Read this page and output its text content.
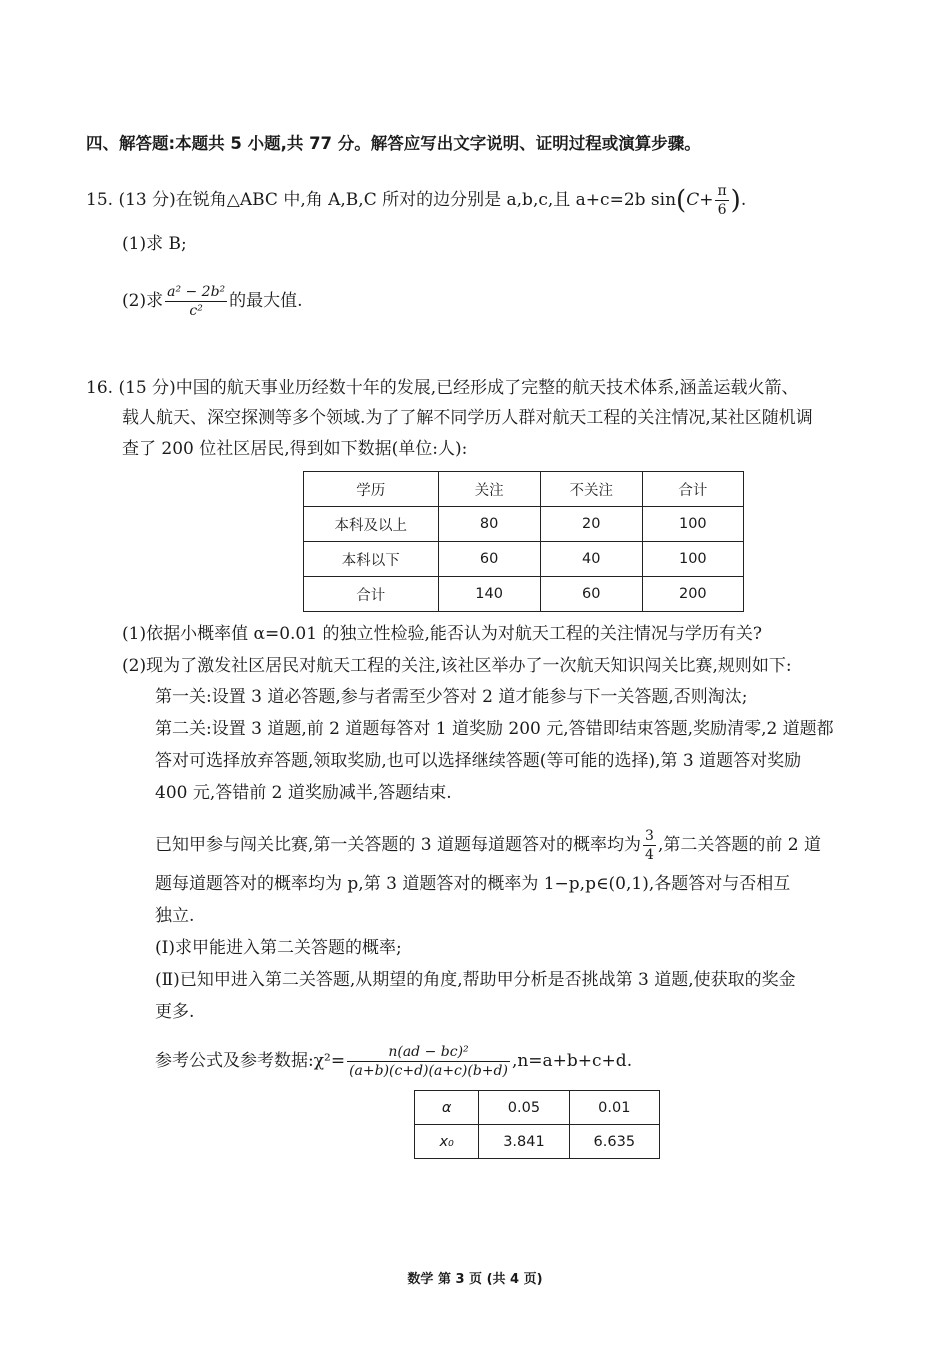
四、解答题:本题共 5 小题,共 77 分。解答应写出文字说明、证明过程或演算步骤。
15. (13 分)在锐角△ABC 中,角 A,B,C 所对的边分别是 a,b,c,且 a+c=2b $\sin(C+ \frac{\pi}{6}$ ).
(1)求 B;
(2)求 $\frac{\text{a² − 2b²}}{\text{c²}}$ 的最大值.
16. (15 分)中国的航天事业历经数十年的发展,已经形成了完整的航天技术体系,涵盖运载火箭、
载人航天、深空探测等多个领域.为了了解不同学历人群对航天工程的关注情况,某社区随机调
查了 200 位社区居民,得到如下数据(单位:人):
学历	关注	不关注	合计
本科及以上	80	20	100
本科以下	60	40	100
合计	140	60	200
(1)依据小概率值 α=0.01 的独立性检验,能否认为对航天工程的关注情况与学历有关?
(2)现为了激发社区居民对航天工程的关注,该社区举办了一次航天知识闯关比赛,规则如下:
第一关:设置 3 道必答题,参与者需至少答对 2 道才能参与下一关答题,否则淘汰;
第二关:设置 3 道题,前 2 道题每答对 1 道奖励 200 元,答错即结束答题,奖励清零,2 道题都
答对可选择放弃答题,领取奖励,也可以选择继续答题(等可能的选择),第 3 道题答对奖励
400 元,答错前 2 道奖励减半,答题结束.
已知甲参与闯关比赛,第一关答题的 3 道题每道题答对的概率均为 $\frac{3}{4}$ ,第二关答题的前 2 道
题每道题答对的概率均为 p,第 3 道题答对的概率为 1−p,p∈(0,1),各题答对与否相互
独立.
(Ⅰ)求甲能进入第二关答题的概率;
(Ⅱ)已知甲进入第二关答题,从期望的角度,帮助甲分析是否挑战第 3 道题,使获取的奖金
更多.
参考公式及参考数据:χ²= $\frac{\text{n(ad − bc)²}}{(a+b)(c+d)(a+c)(b+d)} ,n=a+b+c+d$.
α	0.05	0.01
x₀	3.841	6.635
数学 第 3 页 (共 4 页)
